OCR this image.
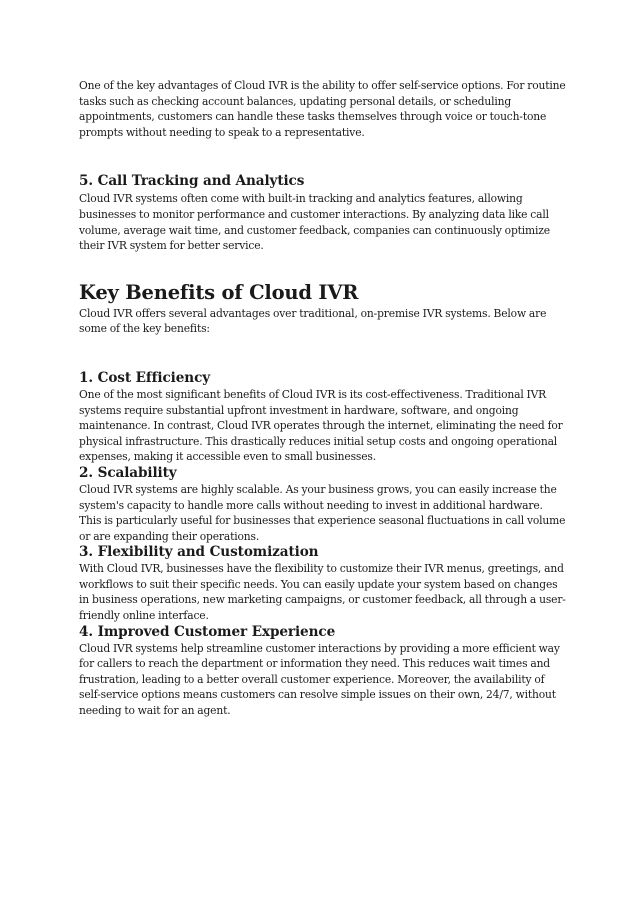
One of the key advantages of Cloud IVR is the ability to offer self-service options. For routine tasks such as checking account balances, updating personal details, or scheduling appointments, customers can handle these tasks themselves through voice or touch-tone prompts without needing to speak to a representative.

5. Call Tracking and Analytics

Cloud IVR systems often come with built-in tracking and analytics features, allowing businesses to monitor performance and customer interactions. By analyzing data like call volume, average wait time, and customer feedback, companies can continuously optimize their IVR system for better service.

Key Benefits of Cloud IVR

Cloud IVR offers several advantages over traditional, on-premise IVR systems. Below are some of the key benefits:

1. Cost Efficiency

One of the most significant benefits of Cloud IVR is its cost-effectiveness. Traditional IVR systems require substantial upfront investment in hardware, software, and ongoing maintenance. In contrast, Cloud IVR operates through the internet, eliminating the need for physical infrastructure. This drastically reduces initial setup costs and ongoing operational expenses, making it accessible even to small businesses.

2. Scalability

Cloud IVR systems are highly scalable. As your business grows, you can easily increase the system's capacity to handle more calls without needing to invest in additional hardware. This is particularly useful for businesses that experience seasonal fluctuations in call volume or are expanding their operations.

3. Flexibility and Customization

With Cloud IVR, businesses have the flexibility to customize their IVR menus, greetings, and workflows to suit their specific needs. You can easily update your system based on changes in business operations, new marketing campaigns, or customer feedback, all through a user-friendly online interface.

4. Improved Customer Experience

Cloud IVR systems help streamline customer interactions by providing a more efficient way for callers to reach the department or information they need. This reduces wait times and frustration, leading to a better overall customer experience. Moreover, the availability of self-service options means customers can resolve simple issues on their own, 24/7, without needing to wait for an agent.
